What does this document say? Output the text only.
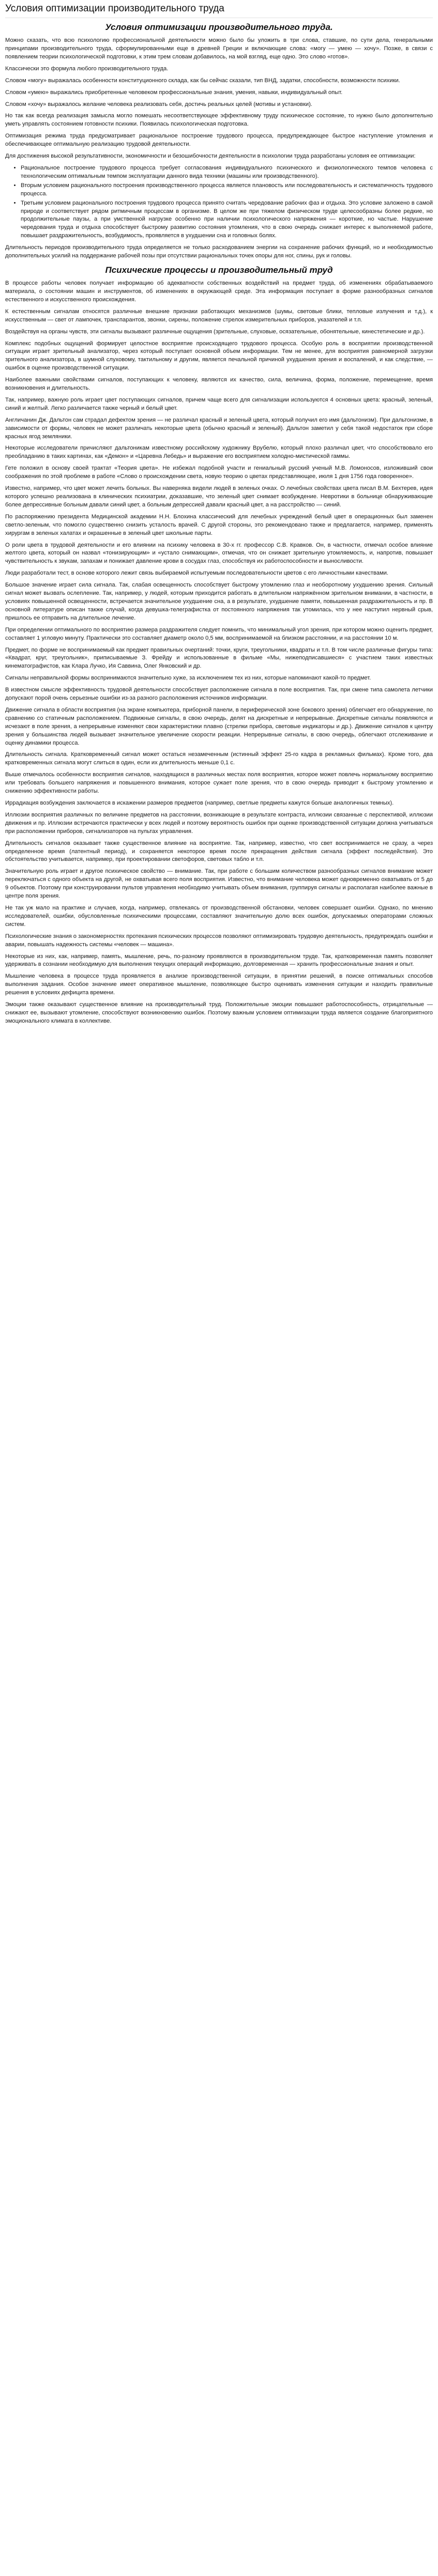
Условия оптимизации производительного труда
Условия оптимизации производительного труда.

Можно сказать, что всю психологию профессиональной деятельности можно было бы уложить в три слова, ставшие, по сути дела, генеральными принципами производительного труда, сформулированными еще в древней Греции и включающие слова: «могу — умею — хочу». Позже, в связи с появлением теории психологической подготовки, к этим трем словам добавилось, на мой взгляд, еще одно. Это слово «готов».

Классически это формула любого производительного труда.

Словом «могу» выражалась особенности конституционного склада, как бы сейчас сказали, тип ВНД, задатки, способности, возможности психики.

Словом «умею» выражались приобретенные человеком профессиональные знания, умения, навыки, индивидуальный опыт.

Словом «хочу» выражалось желание человека реализовать себя, достичь реальных целей (мотивы и установки).

Но так как всегда реализация замысла могло помешать несоответствующее эффективному труду психическое состояние, то нужно было дополнительно уметь управлять состоянием готовности психики. Появилась психологическая подготовка.

Оптимизация режима труда предусматривает рациональное построение трудового процесса, предупреждающее быстрое наступление утомления и обеспечивающее оптимальную реализацию трудовой деятельности.

Для достижения высокой результативности, экономичности и безошибочности деятельности в психологии труда разработаны условия ее оптимизации:

• Рациональное построение трудового процесса требует согласования индивидуального психического и физиологического темпов человека с технологическим оптимальным темпом эксплуатации данного вида техники (машины или производственного).
• Вторым условием рационального построения производственного процесса является плановость или последовательность и систематичность трудового процесса.
• Третьим условием рационального построения трудового процесса принято считать чередование рабочих фаз и отдыха. Это условие заложено в самой природе и соответствует рядом ритмичным процессам в организме. В целом же при тяжелом физическом труде целесообразны более редкие, но продолжительные паузы, а при умственной нагрузке особенно при наличии психологического напряжения — короткие, но частые. Нарушение чередования труда и отдыха способствует быстрому развитию состояния утомления, что в свою очередь снижает интерес к выполняемой работе, повышает раздражительность, возбудимость, проявляется в ухудшении сна и головных болях.

Длительность периодов производительного труда определяется не только расходованием энергии на сохранение рабочих функций, но и необходимостью дополнительных усилий на поддержание рабочей позы при отсутствии рациональных точек опоры для ног, спины, рук и головы.

Психические процессы и производительный труд

В процессе работы человек получает информацию об адекватности собственных воздействий на предмет труда, об изменениях обрабатываемого материала, о состоянии машин и инструментов, об изменениях в окружающей среде. Эта информация поступает в форме разнообразных сигналов естественного и искусственного происхождения.

К естественным сигналам относятся различные внешние признаки работающих механизмов (шумы, световые блики, тепловые излучения и т.д.), к искусственным — свет от лампочек, транспарантов, звонки, сирены, положение стрелок измерительных приборов, указателей и т.п.

Воздействуя на органы чувств, эти сигналы вызывают различные ощущения (зрительные, слуховые, осязательные, обонятельные, кинестетические и др.).

Комплекс подобных ощущений формирует целостное восприятие происходящего трудового процесса. Особую роль в восприятии производственной ситуации играет зрительный анализатор, через который поступает основной объем информации. Тем не менее, для восприятия равномерной загрузки зрительного анализатора, в шумной слуховому, тактильному и другим, является печальной причиной ухудшения зрения и воспалений, и как следствие, — ошибок в оценке производственной ситуации.

Наиболее важными свойствами сигналов, поступающих к человеку, являются их качество, сила, величина, форма, положение, перемещение, время возникновения и длительность.

Так, например, важную роль играет цвет поступающих сигналов, причем чаще всего для сигнализации используются 4 основных цвета: красный, зеленый, синий и желтый. Легко различается также черный и белый цвет.

Англичанин Дж. Дальтон сам страдал дефектом зрения — не различал красный и зеленый цвета, который получил его имя (дальтонизм). При дальтонизме, в зависимости от формы, человек не может различать некоторые цвета (обычно красный и зеленый). Дальтон заметил у себя такой недостаток при сборе красных ягод земляники.

Некоторые исследователи причисляют дальтоникам известному российскому художнику Врубелю, который плохо различал цвет, что способствовало его преобладанию в таких картинах, как «Демон» и «Царевна Лебедь» и выражение его восприятием холодно-мистической гаммы.

Гете положил в основу своей трактат «Теория цвета». Не избежал подобной участи и гениальный русский ученый М.В. Ломоносов, изложивший свои соображения по этой проблеме в работе «Слово о происхождении света, новую теорию о цветах представляющее, июля 1 дня 1756 года говоренное».

Известно, например, что цвет может лечить больных. Вы наверняка видели людей в зеленых очках. О лечебных свойствах цвета писал В.М. Бехтерев, идея которого успешно реализована в клинических психиатрии, доказавшие, что зеленый цвет снимает возбуждение. Невротики в больнице обнаруживающие более депрессивные больным давали синий цвет, а больным депрессией давали красный цвет, а на расстройство — синий.

По распоряжению президента Медицинской академии Н.Н. Блохина классический для лечебных учреждений белый цвет в операционных был заменен светло-зеленым, что помогло существенно снизить усталость врачей. С другой стороны, это рекомендовано также и предлагается, например, применять хирургам в зеленых халатах и окрашенные в зеленый цвет школьные парты.

О роли цвета в трудовой деятельности и его влиянии на психику человека в 30-х гг. профессор С.В. Кравков. Он, в частности, отмечал особое влияние желтого цвета, который он назвал «тонизирующим» и «устало снимающим», отмечая, что он снижает зрительную утомляемость, и, напротив, повышает чувствительность к звукам, запахам и понижает давление крови в сосудах глаз, способствуя их работоспособности и выносливости.

Люди разработали тест, в основе которого лежит связь выбираемой испытуемым последовательности цветов с его личностными качествами.

Большое значение играет сила сигнала. Так, слабая освещенность способствует быстрому утомлению глаз и необоротному ухудшению зрения. Сильный сигнал может вызвать ослепление. Так, например, у людей, которым приходится работать в длительном напряжённом зрительном внимании, в частности, в условиях повышенной освещенности, встречается значительное ухудшение сна, а в результате, ухудшение памяти, повышенная раздражительность и пр. В основной литературе описан также случай, когда девушка-телеграфистка от постоянного напряжения так утомилась, что у нее наступил нервный срыв, пришлось ее отправить на длительное лечение.

При определении оптимального по восприятию размера раздражителя следует помнить, что минимальный угол зрения, при котором можно оценить предмет, составляет 1 угловую минуту. Практически это составляет диаметр около 0,5 мм, воспринимаемой на близком расстоянии, и на расстоянии 10 м.

Предмет, по форме не воспринимаемый как предмет правильных очертаний: точки, круги, треугольники, квадраты и т.п. В том числе различные фигуры типа: «Квадрат, круг, треугольник», приписываемые З. Фрейду и использованные в фильме «Мы, нижеподписавшиеся» с участием таких известных кинематографистов, как Клара Лучко, Ия Саввина, Олег Янковский и др.

Сигналы неправильной формы воспринимаются значительно хуже, за исключением тех из них, которые напоминают какой-то предмет.

В известном смысле эффективность трудовой деятельности способствует расположение сигнала в поле восприятия. Так, при смене типа самолета летчики допускают порой очень серьезные ошибки из-за разного расположения источников информации.

Движение сигнала в области восприятия (на экране компьютера, приборной панели, в периферической зоне бокового зрения) облегчает его обнаружение, по сравнению со статичным расположением. Подвижные сигналы, в свою очередь, делят на дискретные и непрерывные. Дискретные сигналы появляются и исчезают в поле зрения, а непрерывные изменяют свои характеристики плавно (стрелки прибора, световые индикаторы и др.). Движение сигналов к центру зрения у большинства людей вызывает значительное увеличение скорости реакции. Непрерывные сигналы, в свою очередь, облегчают отслеживание и оценку динамики процесса.

Длительность сигнала. Кратковременный сигнал может остаться незамеченным (истинный эффект 25-го кадра в рекламных фильмах). Кроме того, два кратковременных сигнала могут слиться в один, если их длительность меньше 0,1 с.

Выше отмечалось особенности восприятия сигналов, находящихся в различных местах поля восприятия, которое может повлечь нормальному восприятию или требовать большего напряжения и повышенного внимания, которое сужает поле зрения, что в свою очередь приводит к быстрому утомлению и снижению эффективности работы.

Иррадиация возбуждения заключается в искажении размеров предметов (например, светлые предметы кажутся больше аналогичных темных).

Иллюзии восприятия различных по величине предметов на расстоянии, возникающие в результате контраста, иллюзии связанные с перспективой, иллюзии движения и пр. Иллюзии встречаются практически у всех людей и поэтому вероятность ошибок при оценке производственной ситуации должна учитываться при расположении приборов, сигнализаторов на пультах управления.

Длительность сигналов оказывает также существенное влияние на восприятие. Так, например, известно, что свет воспринимается не сразу, а через определенное время (латентный период), и сохраняется некоторое время после прекращения действия сигнала (эффект последействия). Это обстоятельство учитывается, например, при проектировании светофоров, световых табло и т.п.

Значительную роль играет и другое психическое свойство — внимание. Так, при работе с большим количеством разнообразных сигналов внимание может переключаться с одного объекта на другой, не охватывая всего поля восприятия. Известно, что внимание человека может одновременно охватывать от 5 до 9 объектов. Поэтому при конструировании пультов управления необходимо учитывать объем внимания, группируя сигналы и располагая наиболее важные в центре поля зрения.

Не так уж мало на практике и случаев, когда, например, отвлекаясь от производственной обстановки, человек совершает ошибки. Однако, по мнению исследователей, ошибки, обусловленные психическими процессами, составляют значительную долю всех ошибок, допускаемых операторами сложных систем.

Психологические знания о закономерностях протекания психических процессов позволяют оптимизировать трудовую деятельность, предупреждать ошибки и аварии, повышать надежность системы «человек — машина».

Некоторые из них, как, например, память, мышление, речь, по-разному проявляются в производительном труде. Так, кратковременная память позволяет удерживать в сознании необходимую для выполнения текущих операций информацию, долговременная — хранить профессиональные знания и опыт.

Мышление человека в процессе труда проявляется в анализе производственной ситуации, в принятии решений, в поиске оптимальных способов выполнения задания. Особое значение имеет оперативное мышление, позволяющее быстро оценивать изменения ситуации и находить правильные решения в условиях дефицита времени.

Эмоции также оказывают существенное влияние на производительный труд. Положительные эмоции повышают работоспособность, отрицательные — снижают ее, вызывают утомление, способствуют возникновению ошибок. Поэтому важным условием оптимизации труда является создание благоприятного эмоционального климата в коллективе.
